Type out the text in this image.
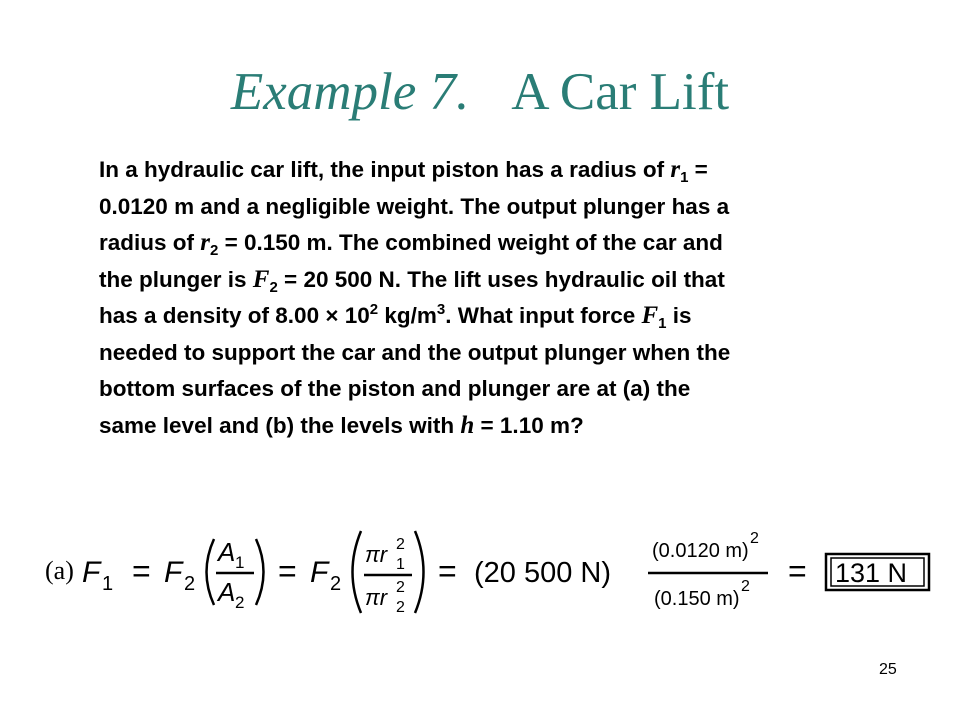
Example 7. A Car Lift
In a hydraulic car lift, the input piston has a radius of $r_1$ =
0.0120 m and a negligible weight. The output plunger has a
radius of $r_2 = 0.150$ m. The combined weight of the car and
the plunger is $F_2 = 20$ 500 N. The lift uses hydraulic oil that
has a density of $8.00 \times 10^2$ $kg/m^3$. What input force $F_1$ is
needed to support the car and the output plunger when the
bottom surfaces of the piston and plunger are at (a) the
same level and (b) the levels with h = 1.10 m?
(a) F 1 = F 2
A 1
A 2
= F 2
πr 2
1
πr 2
2
= (20 500 N)
(0.0120 m)
2
(0.150 m)
2 = 131 N
25
